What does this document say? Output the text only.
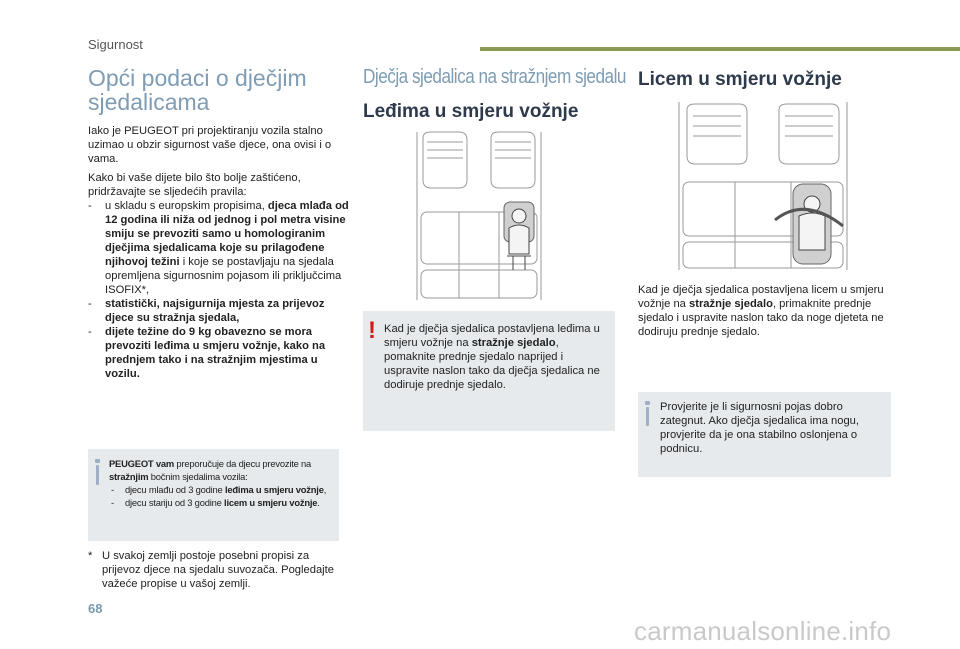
Sigurnost
Opći podaci o dječjim sjedalicama
Iako je PEUGEOT pri projektiranju vozila stalno uzimao u obzir sigurnost vaše djece, ona ovisi i o vama.
Kako bi vaše dijete bilo što bolje zaštićeno, pridržavajte se sljedećih pravila:
- u skladu s europskim propisima, djeca mlađa od 12 godina ili niža od jednog i pol metra visine smiju se prevoziti samo u homologiranim dječjima sjedalicama koje su prilagođene njihovoj težini i koje se postavljaju na sjedala opremljena sigurnosnim pojasom ili priključcima ISOFIX*,
- statistički, najsigurnija mjesta za prijevoz djece su stražnja sjedala,
- dijete težine do 9 kg obavezno se mora prevoziti leđima u smjeru vožnje, kako na prednjem tako i na stražnjim mjestima u vozilu.
PEUGEOT vam preporučuje da djecu prevozite na stražnjim bočnim sjedalima vozila:
- djecu mlađu od 3 godine leđima u smjeru vožnje,
- djecu stariju od 3 godine licem u smjeru vožnje.
* U svakoj zemlji postoje posebni propisi za prijevoz djece na sjedalu suvozača. Pogledajte važeće propise u vašoj zemlji.
Dječja sjedalica na stražnjem sjedalu
Leđima u smjeru vožnje
! Kad je dječja sjedalica postavljena leđima u smjeru vožnje na stražnje sjedalo, pomaknite prednje sjedalo naprijed i uspravite naslon tako da dječja sjedalica ne dodiruje prednje sjedalo.
Licem u smjeru vožnje
Kad je dječja sjedalica postavljena licem u smjeru vožnje na stražnje sjedalo, primaknite prednje sjedalo i uspravite naslon tako da noge djeteta ne dodiruju prednje sjedalo.
Provjerite je li sigurnosni pojas dobro zategnut. Ako dječja sjedalica ima nogu, provjerite da je ona stabilno oslonjena o podnicu.
68
carmanualsonline.info
